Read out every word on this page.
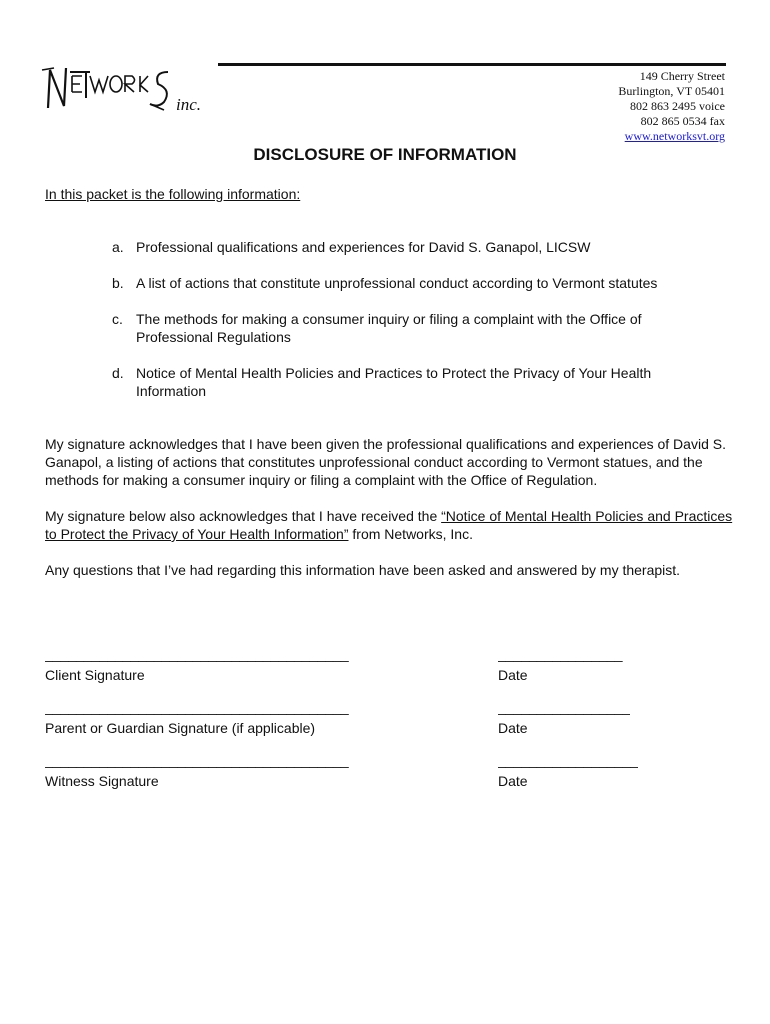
inc.
149 Cherry Street
Burlington, VT 05401
802 863 2495 voice
802 865 0534 fax
www.networksvt.org
DISCLOSURE OF INFORMATION
In this packet is the following information:
a. Professional qualifications and experiences for David S. Ganapol, LICSW
b. A list of actions that constitute unprofessional conduct according to Vermont statutes
c. The methods for making a consumer inquiry or filing a complaint with the Office of Professional Regulations
d. Notice of Mental Health Policies and Practices to Protect the Privacy of Your Health Information

My signature acknowledges that I have been given the professional qualifications and experiences of David S. Ganapol, a listing of actions that constitutes unprofessional conduct according to Vermont statues, and the methods for making a consumer inquiry or filing a complaint with the Office of Regulation.

My signature below also acknowledges that I have received the “Notice of Mental Health Policies and Practices to Protect the Privacy of Your Health Information” from Networks, Inc.

Any questions that I’ve had regarding this information have been asked and answered by my therapist.

_______________________________________
Client Signature
________________
Date
_______________________________________
Parent or Guardian Signature (if applicable)
_________________
Date
_______________________________________
Witness Signature
__________________
Date
